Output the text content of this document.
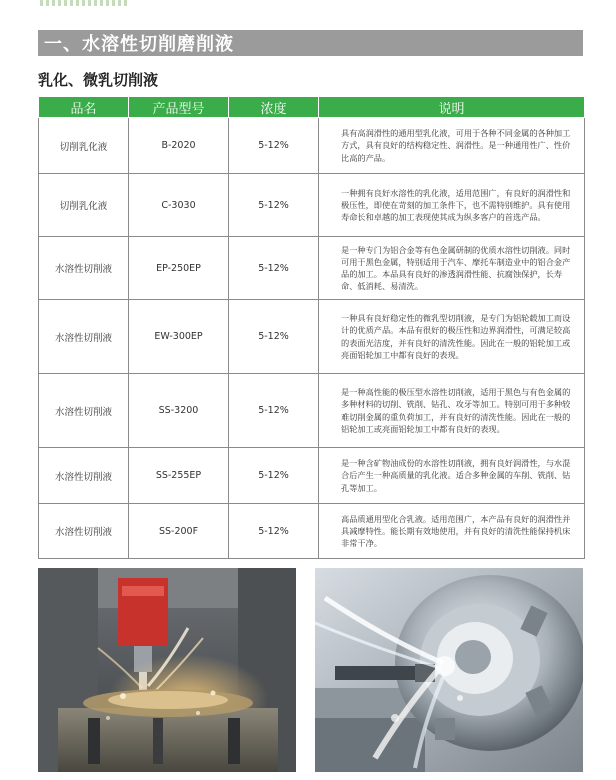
一、水溶性切削磨削液
乳化、微乳切削液
品名	产品型号	浓度	说明
切削乳化液	B-2020	5-12%	具有高润滑性的通用型乳化液，可用于各种不同金属的各种加工方式，具有良好的结构稳定性、润滑性。是一种通用性广、性价比高的产品。
切削乳化液	C-3030	5-12%	一种拥有良好水溶性的乳化液，适用范围广，有良好的润滑性和极压性，即使在苛刻的加工条件下，也不需特别维护。具有使用寿命长和卓越的加工表现使其成为纵多客户的首选产品。
水溶性切削液	EP-250EP	5-12%	是一种专门为铝合金等有色金属研制的优质水溶性切削液。同时可用于黑色金属，特别适用于汽车、摩托车制造业中的铝合金产品的加工。本品具有良好的渗透润滑性能、抗腐蚀保护，长寿命、低消耗、易清洗。
水溶性切削液	EW-300EP	5-12%	一种具有良好稳定性的微乳型切削液，是专门为铝轮毂加工而设计的优质产品。本品有很好的极压性和边界润滑性，可满足较高的表面光洁度，并有良好的清洗性能。因此在一般的铝轮加工或亮面铝轮加工中都有良好的表现。
水溶性切削液	SS-3200	5-12%	是一种高性能的极压型水溶性切削液，适用于黑色与有色金属的多种材料的切削、铣削、钻孔、攻牙等加工。特别可用于多种较难切削金属的重负荷加工，并有良好的清洗性能。因此在一般的铝轮加工或亮面铝轮加工中都有良好的表现。
水溶性切削液	SS-255EP	5-12%	是一种含矿物油成份的水溶性切削液，拥有良好润滑性，与水混合后产生一种高质量的乳化液。适合多种金属的车削、铣削、钻孔等加工。
水溶性切削液	SS-200F	5-12%	高品质通用型化合乳液。适用范围广，本产品有良好的润滑性并具减摩特性。能长期有效地使用，并有良好的清洗性能保持机床非常干净。
